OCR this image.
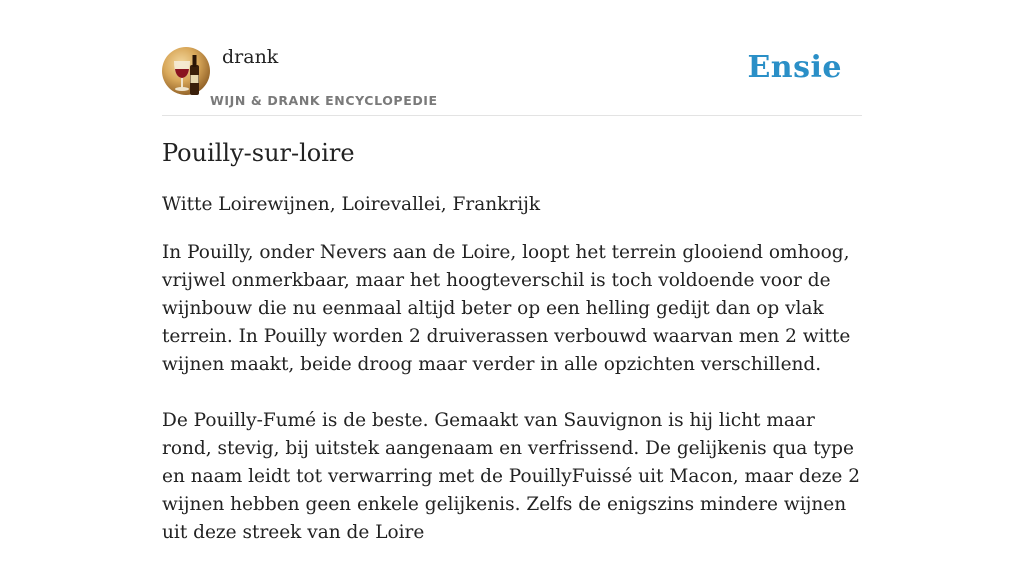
drank
WIJN & DRANK ENCYCLOPEDIE
Ensie
Pouilly-sur-loire
Witte Loirewijnen, Loirevallei, Frankrijk

In Pouilly, onder Nevers aan de Loire, loopt het terrein glooiend omhoog, vrijwel onmerkbaar, maar het hoogteverschil is toch voldoende voor de wijnbouw die nu eenmaal altijd beter op een helling gedijt dan op vlak terrein. In Pouilly worden 2 druiverassen verbouwd waarvan men 2 witte wijnen maakt, beide droog maar verder in alle opzichten verschillend.

De Pouilly-Fumé is de beste. Gemaakt van Sauvignon is hij licht maar rond, stevig, bij uitstek aangenaam en verfrissend. De gelijkenis qua type en naam leidt tot verwarring met de PouillyFuissé uit Macon, maar deze 2 wijnen hebben geen enkele gelijkenis. Zelfs de enigszins mindere wijnen uit deze streek van de Loire
